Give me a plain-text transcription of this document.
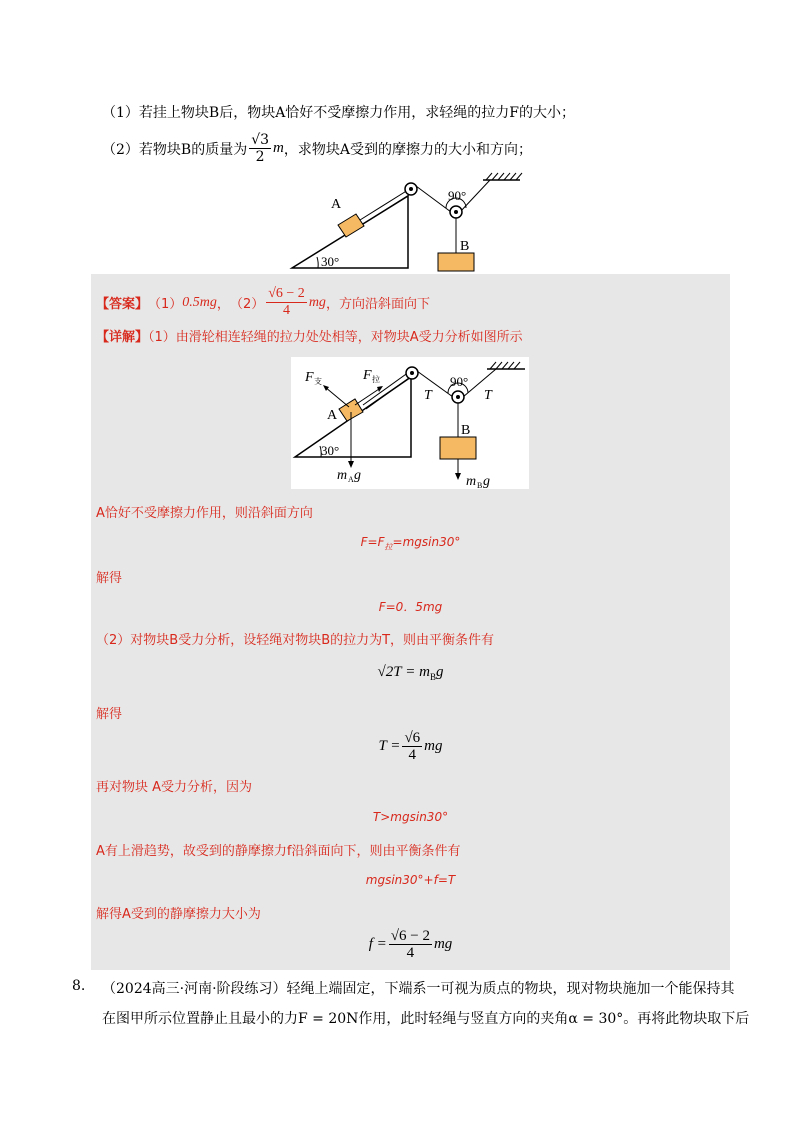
（1）若挂上物块B后，物块A恰好不受摩擦力作用，求轻绳的拉力F的大小；
（2）若物块B的质量为 $\frac{√3}{2}$ m ，求物块A受到的摩擦力的大小和方向；
A
B
30°
90°
【答案】 （1） 0.5mg ， $(2) \frac{√6 - 2}{4}$ mg ，方向沿斜面向下
【详解】（1）由滑轮相连轻绳的拉力处处相等，对物块A受力分析如图所示
F 支	F 拉
T	T
A
B
30°
90°
m A g	m B g
A恰好不受摩擦力作用，则沿斜面方向
$F=F_拉=mgsin30^\circ$
解得
F=0．5mg
（2）对物块B受力分析，设轻绳对物块B的拉力为T，则由平衡条件有
$√2T = m_Bg$
解得
$T = \frac{√6}{4}$ mg
再对物块 A受力分析，因为
T>mgsin30°
A有上滑趋势，故受到的静摩擦力f沿斜面向下，则由平衡条件有
mgsin30°+f=T
解得A受到的静摩擦力大小为
$f = \frac{√6 - 2}{4}$ mg
8. （2024高三·河南·阶段练习）轻绳上端固定，下端系一可视为质点的物块，现对物块施加一个能保持其
在图甲所示位置静止且最小的力F = 20N作用，此时轻绳与竖直方向的夹角α = 30°。再将此物块取下后
